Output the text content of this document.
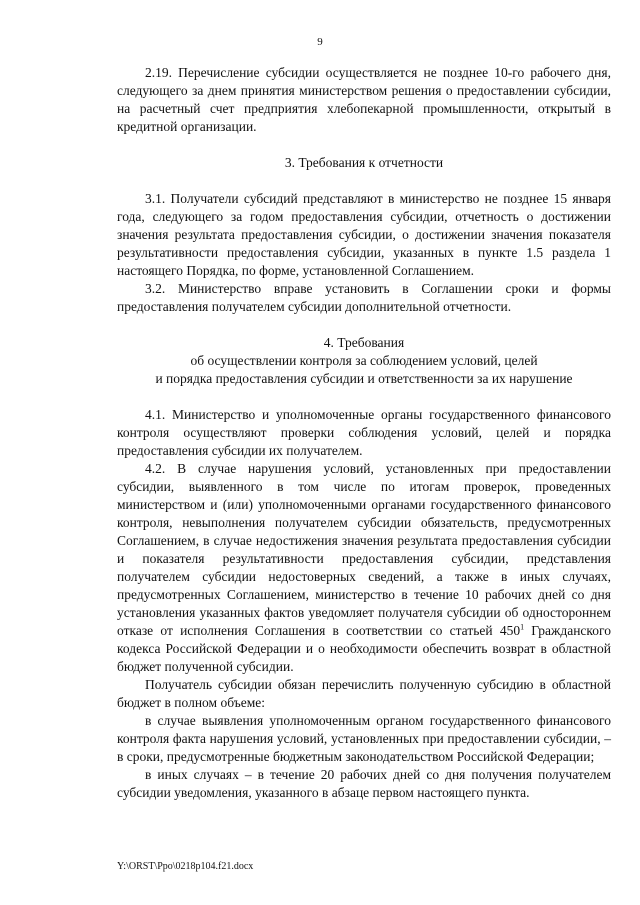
9

2.19. Перечисление субсидии осуществляется не позднее 10-го рабочего дня, следующего за днем принятия министерством решения о предоставлении субсидии, на расчетный счет предприятия хлебопекарной промышленности, открытый в кредитной организации.

3. Требования к отчетности

3.1. Получатели субсидий представляют в министерство не позднее 15 января года, следующего за годом предоставления субсидии, отчетность о достижении значения результата предоставления субсидии, о достижении значения показателя результативности предоставления субсидии, указанных в пункте 1.5 раздела 1 настоящего Порядка, по форме, установленной Соглашением.

3.2. Министерство вправе установить в Соглашении сроки и формы предоставления получателем субсидии дополнительной отчетности.

4. Требования

об осуществлении контроля за соблюдением условий, целей

и порядка предоставления субсидии и ответственности за их нарушение

4.1. Министерство и уполномоченные органы государственного финансового контроля осуществляют проверки соблюдения условий, целей и порядка предоставления субсидии их получателем.

4.2. В случае нарушения условий, установленных при предоставлении субсидии, выявленного в том числе по итогам проверок, проведенных министерством и (или) уполномоченными органами государственного финансового контроля, невыполнения получателем субсидии обязательств, предусмотренных Соглашением, в случае недостижения значения результата предоставления субсидии и показателя результативности предоставления субсидии, представления получателем субсидии недостоверных сведений, а также в иных случаях, предусмотренных Соглашением, министерство в течение 10 рабочих дней со дня установления указанных фактов уведомляет получателя субсидии об одностороннем отказе от исполнения Соглашения в соответствии со статьей $450^1$ Гражданского кодекса Российской Федерации и о необходимости обеспечить возврат в областной бюджет полученной субсидии.

Получатель субсидии обязан перечислить полученную субсидию в областной бюджет в полном объеме:

в случае выявления уполномоченным органом государственного финансового контроля факта нарушения условий, установленных при предоставлении субсидии, – в сроки, предусмотренные бюджетным законодательством Российской Федерации;

в иных случаях – в течение 20 рабочих дней со дня получения получателем субсидии уведомления, указанного в абзаце первом настоящего пункта.

Y:\ORST\Ppo\0218p104.f21.docx
